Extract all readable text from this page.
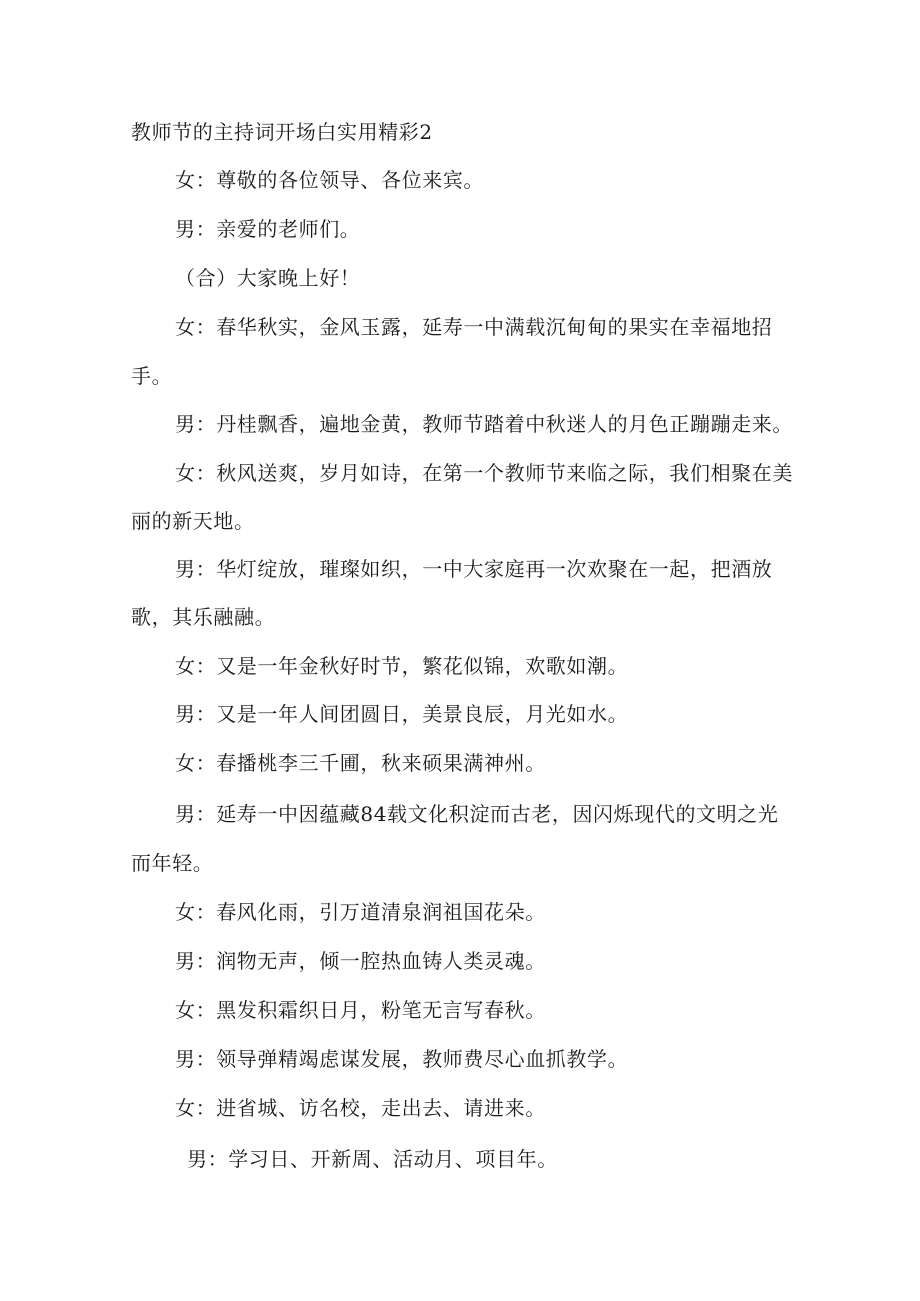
教师节的主持词开场白实用精彩2
女：尊敬的各位领导、各位来宾。
男：亲爱的老师们。
（合）大家晚上好！
女：春华秋实，金风玉露，延寿一中满载沉甸甸的果实在幸福地招
手。
男：丹桂飘香，遍地金黄，教师节踏着中秋迷人的月色正蹦蹦走来。
女：秋风送爽，岁月如诗，在第一个教师节来临之际，我们相聚在美
丽的新天地。
男：华灯绽放，璀璨如织，一中大家庭再一次欢聚在一起，把酒放
歌，其乐融融。
女：又是一年金秋好时节，繁花似锦，欢歌如潮。
男：又是一年人间团圆日，美景良辰，月光如水。
女：春播桃李三千圃，秋来硕果满神州。
男：延寿一中因蕴藏84载文化积淀而古老，因闪烁现代的文明之光
而年轻。
女：春风化雨，引万道清泉润祖国花朵。
男：润物无声，倾一腔热血铸人类灵魂。
女：黑发积霜织日月，粉笔无言写春秋。
男：领导弹精竭虑谋发展，教师费尽心血抓教学。
女：进省城、访名校，走出去、请进来。
男：学习日、开新周、活动月、项目年。
